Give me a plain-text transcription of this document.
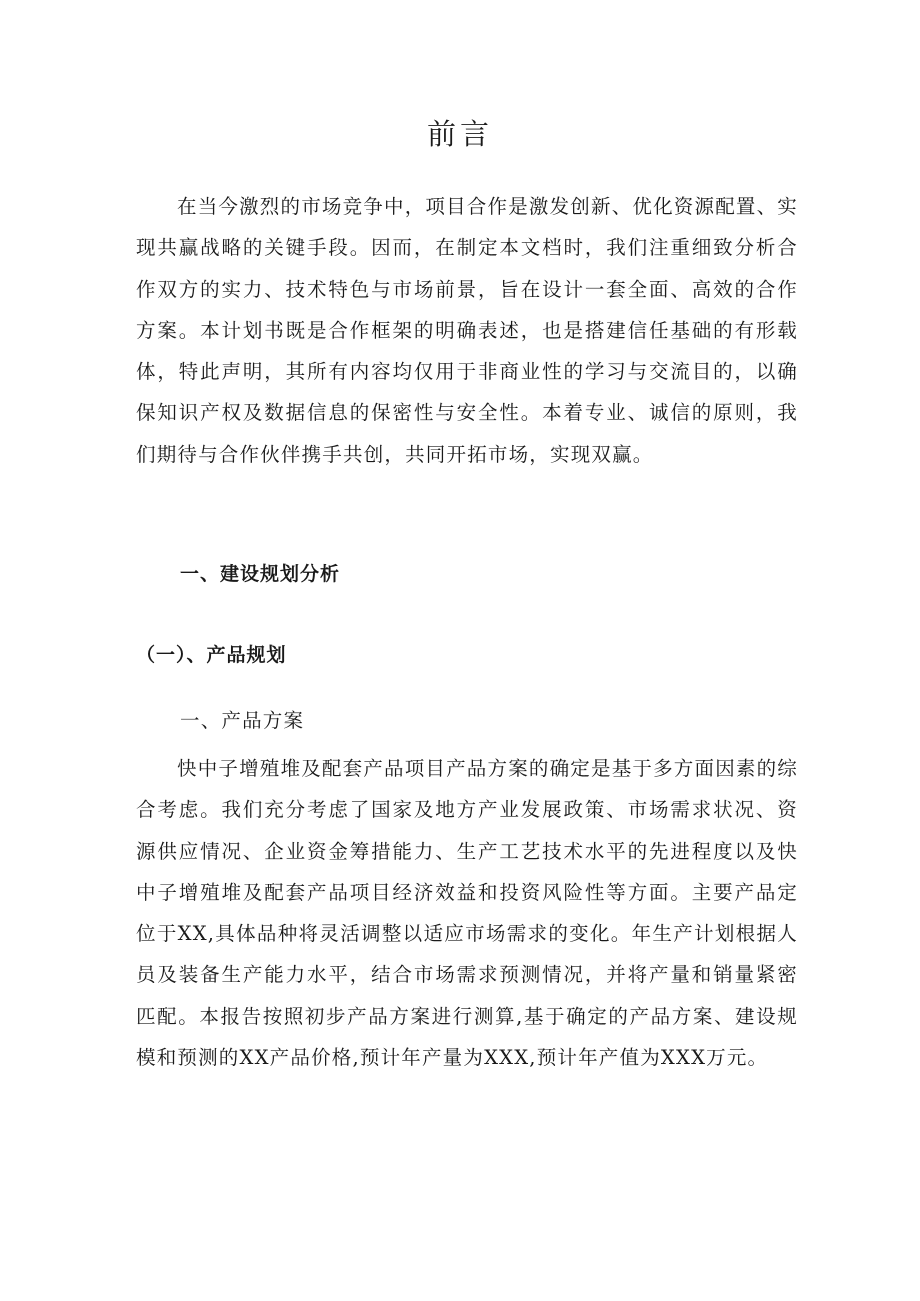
前言

在当今激烈的市场竞争中，项目合作是激发创新、优化资源配置、实现共赢战略的关键手段。因而，在制定本文档时，我们注重细致分析合作双方的实力、技术特色与市场前景，旨在设计一套全面、高效的合作方案。本计划书既是合作框架的明确表述，也是搭建信任基础的有形载体，特此声明，其所有内容均仅用于非商业性的学习与交流目的，以确保知识产权及数据信息的保密性与安全性。本着专业、诚信的原则，我们期待与合作伙伴携手共创，共同开拓市场，实现双赢。

一、建设规划分析
（一）、产品规划
一、产品方案

快中子增殖堆及配套产品项目产品方案的确定是基于多方面因素的综合考虑。我们充分考虑了国家及地方产业发展政策、市场需求状况、资源供应情况、企业资金筹措能力、生产工艺技术水平的先进程度以及快中子增殖堆及配套产品项目经济效益和投资风险性等方面。主要产品定位于XX,具体品种将灵活调整以适应市场需求的变化。年生产计划根据人员及装备生产能力水平，结合市场需求预测情况，并将产量和销量紧密匹配。本报告按照初步产品方案进行测算,基于确定的产品方案、建设规模和预测的XX产品价格,预计年产量为XXX,预计年产值为XXX万元。
